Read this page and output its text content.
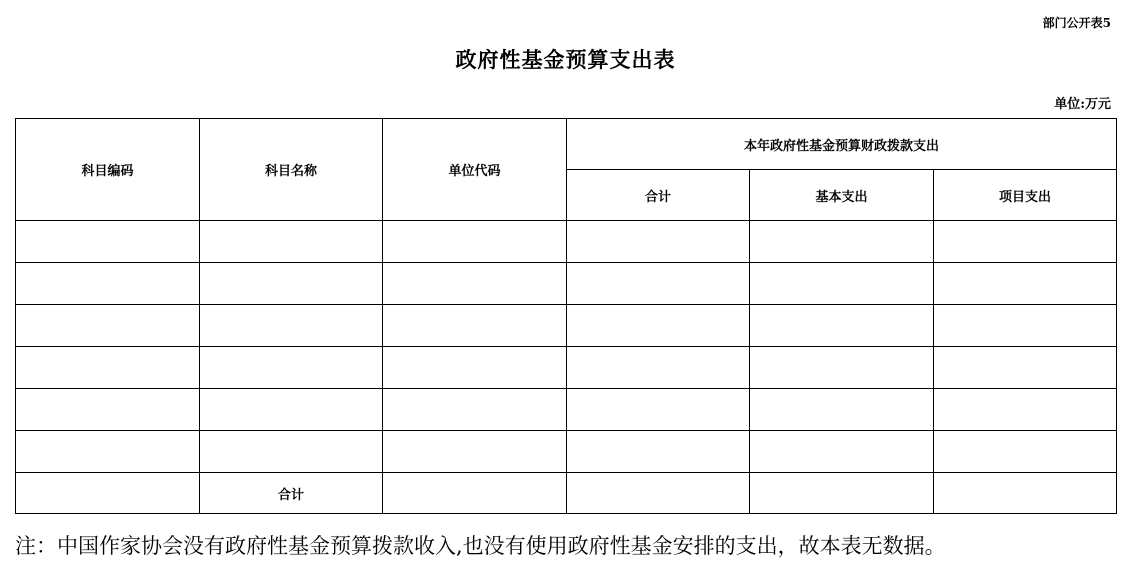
部门公开表5
政府性基金预算支出表
单位:万元
科目编码	科目名称	单位代码	本年政府性基金预算财政拨款支出		
			合计	基本支出	项目支出

	合计				
注：中国作家协会没有政府性基金预算拨款收入,也没有使用政府性基金安排的支出，故本表无数据。
